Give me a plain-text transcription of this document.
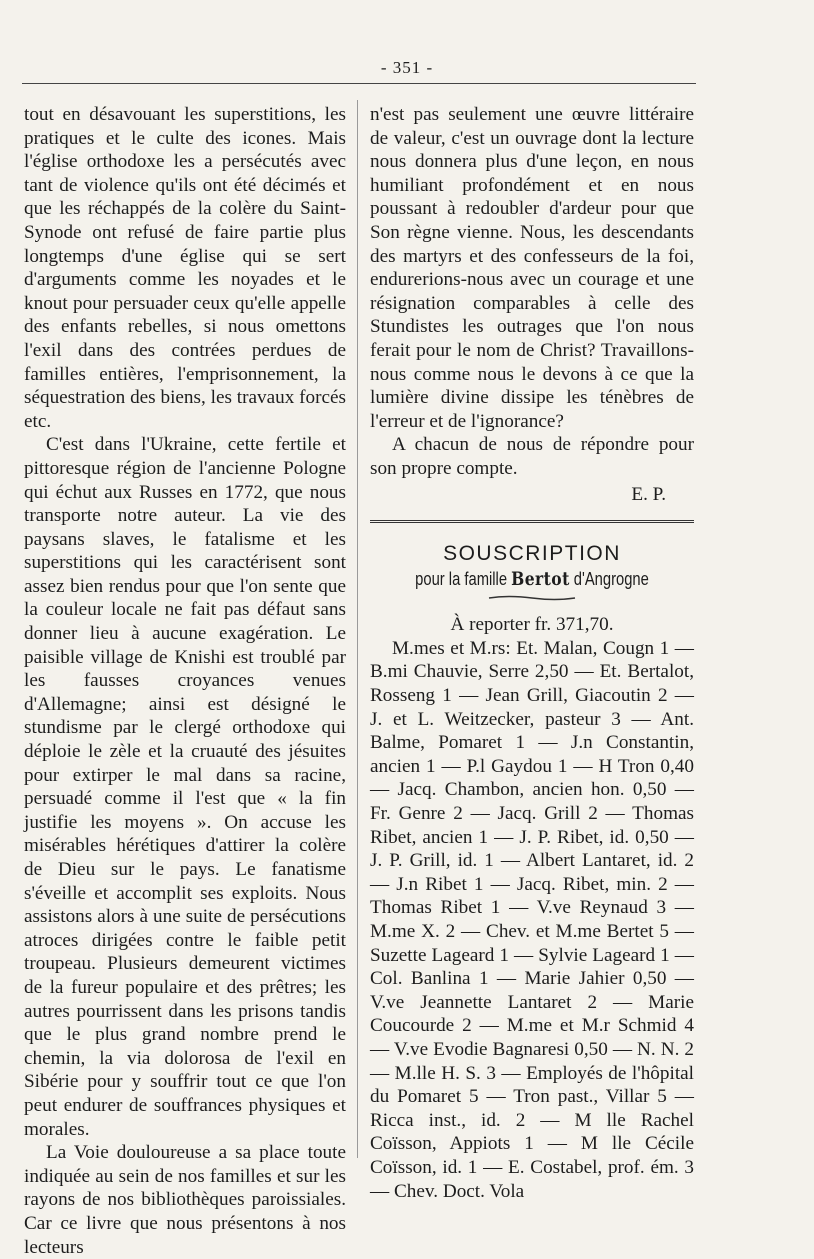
- 351 -

tout en désavouant les superstitions, les pratiques et le culte des icones. Mais l'église orthodoxe les a persécutés avec tant de violence qu'ils ont été décimés et que les réchappés de la colère du Saint-Synode ont refusé de faire partie plus longtemps d'une église qui se sert d'arguments comme les noyades et le knout pour persuader ceux qu'elle appelle des enfants rebelles, si nous omettons l'exil dans des contrées perdues de familles entières, l'emprisonnement, la séquestration des biens, les travaux forcés etc.

C'est dans l'Ukraine, cette fertile et pittoresque région de l'ancienne Pologne qui échut aux Russes en 1772, que nous transporte notre auteur. La vie des paysans slaves, le fatalisme et les superstitions qui les caractérisent sont assez bien rendus pour que l'on sente que la couleur locale ne fait pas défaut sans donner lieu à aucune exagération. Le paisible village de Knishi est troublé par les fausses croyances venues d'Allemagne; ainsi est désigné le stundisme par le clergé orthodoxe qui déploie le zèle et la cruauté des jésuites pour extirper le mal dans sa racine, persuadé comme il l'est que « la fin justifie les moyens ». On accuse les misérables hérétiques d'attirer la colère de Dieu sur le pays. Le fanatisme s'éveille et accomplit ses exploits. Nous assistons alors à une suite de persécutions atroces dirigées contre le faible petit troupeau. Plusieurs demeurent victimes de la fureur populaire et des prêtres; les autres pourrissent dans les prisons tandis que le plus grand nombre prend le chemin, la via dolorosa de l'exil en Sibérie pour y souffrir tout ce que l'on peut endurer de souffrances physiques et morales.

La Voie douloureuse a sa place toute indiquée au sein de nos familles et sur les rayons de nos bibliothèques paroissiales. Car ce livre que nous présentons à nos lecteurs

n'est pas seulement une œuvre littéraire de valeur, c'est un ouvrage dont la lecture nous donnera plus d'une leçon, en nous humiliant profondément et en nous poussant à redoubler d'ardeur pour que Son règne vienne. Nous, les descendants des martyrs et des confesseurs de la foi, endurerions-nous avec un courage et une résignation comparables à celle des Stundistes les outrages que l'on nous ferait pour le nom de Christ? Travaillons-nous comme nous le devons à ce que la lumière divine dissipe les ténèbres de l'erreur et de l'ignorance?

A chacun de nous de répondre pour son propre compte.

E. P.

SOUSCRIPTION
pour la famille Bertot d'Angrogne

À reporter fr. 371,70.

M.mes et M.rs: Et. Malan, Cougn 1 — B.mi Chauvie, Serre 2,50 — Et. Bertalot, Rosseng 1 — Jean Grill, Giacoutin 2 — J. et L. Weitzecker, pasteur 3 — Ant. Balme, Pomaret 1 — J.n Constantin, ancien 1 — P.l Gaydou 1 — H Tron 0,40 — Jacq. Chambon, ancien hon. 0,50 — Fr. Genre 2 — Jacq. Grill 2 — Thomas Ribet, ancien 1 — J. P. Ribet, id. 0,50 — J. P. Grill, id. 1 — Albert Lantaret, id. 2 — J.n Ribet 1 — Jacq. Ribet, min. 2 — Thomas Ribet 1 — V.ve Reynaud 3 — M.me X. 2 — Chev. et M.me Bertet 5 — Suzette Lageard 1 — Sylvie Lageard 1 — Col. Banlina 1 — Marie Jahier 0,50 — V.ve Jeannette Lantaret 2 — Marie Coucourde 2 — M.me et M.r Schmid 4 — V.ve Evodie Bagnaresi 0,50 — N. N. 2 — M.lle H. S. 3 — Employés de l'hôpital du Pomaret 5 — Tron past., Villar 5 — Ricca inst., id. 2 — M lle Rachel Coïsson, Appiots 1 — M lle Cécile Coïsson, id. 1 — E. Costabel, prof. ém. 3 — Chev. Doct. Vola
